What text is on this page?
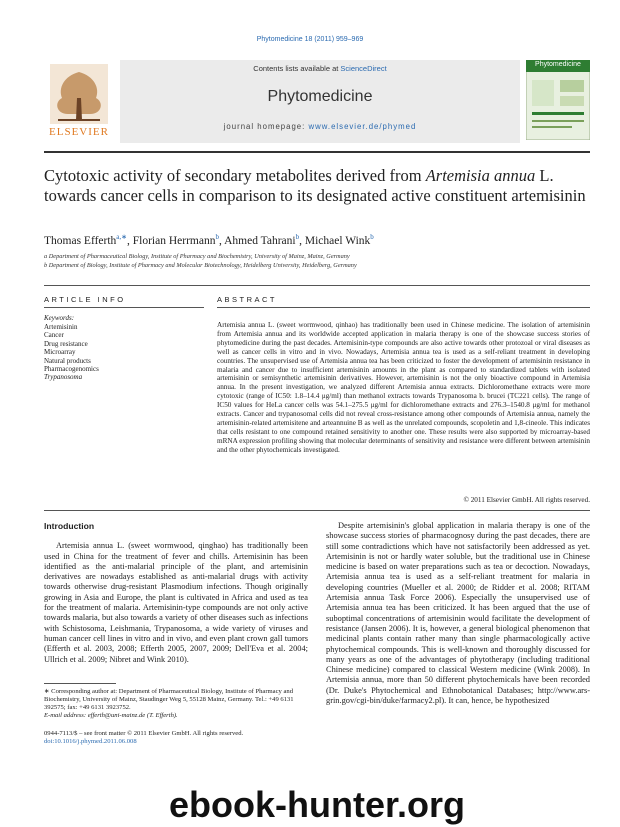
Phytomedicine 18 (2011) 959–969
Contents lists available at ScienceDirect
Phytomedicine
journal homepage: www.elsevier.de/phymed
ELSEVIER
Phytomedicine
Cytotoxic activity of secondary metabolites derived from Artemisia annua L. towards cancer cells in comparison to its designated active constituent artemisinin
Thomas Efferth$^{a,∗}$, Florian Herrmann$^b$, Ahmed Tahrani$^b$, Michael Wink$^b$
a Department of Pharmaceutical Biology, Institute of Pharmacy and Biochemistry, University of Mainz, Mainz, Germany
b Department of Biology, Institute of Pharmacy and Molecular Biotechnology, Heidelberg University, Heidelberg, Germany
ARTICLE INFO	ABSTRACT
Keywords:
Artemisinin
Cancer
Drug resistance
Microarray
Natural products
Pharmacogenomics
Trypanosoma
Artemisia annua L. (sweet wormwood, qinhao) has traditionally been used in Chinese medicine. The isolation of artemisinin from Artemisia annua and its worldwide accepted application in malaria therapy is one of the showcase success stories of phytomedicine during the past decades. Artemisinin-type compounds are also active towards other protozoal or viral diseases as well as cancer cells in vitro and in vivo. Nowadays, Artemisia annua tea is used as a self-reliant treatment in developing countries. The unsupervised use of Artemisia annua tea has been criticized to foster the development of artemisinin resistance in malaria and cancer due to insufficient artemisinin amounts in the plant as compared to standardized tablets with isolated artemisinin or semisynthetic artemisinin derivatives. However, artemisinin is not the only bioactive compound in Artemisia annua. In the present investigation, we analyzed different Artemisia annua extracts. Dichloromethane extracts were more cytotoxic (range of IC50: 1.8–14.4 μg/ml) than methanol extracts towards Trypanosoma b. brucei (TC221 cells). The range of IC50 values for HeLa cancer cells was 54.1–275.5 μg/ml for dichloromethane extracts and 276.3–1540.8 μg/ml for methanol extracts. Cancer and trypanosomal cells did not reveal cross-resistance among other compounds of Artemisia annua, namely the artemisinin-related artemisitene and arteannuine B as well as the unrelated compounds, scopoletin and 1,8-cineole. This indicates that cells resistant to one compound retained sensitivity to another one. These results were also supported by microarray-based mRNA expression profiling showing that molecular determinants of sensitivity and resistance were different between artemisinin and the other phytochemicals investigated.
© 2011 Elsevier GmbH. All rights reserved.
Introduction

Artemisia annua L. (sweet wormwood, qinghao) has traditionally been used in China for the treatment of fever and chills. Artemisinin has been identified as the anti-malarial principle of the plant, and artemisinin derivatives are nowadays established as anti-malarial drugs with activity towards otherwise drug-resistant Plasmodium infections. Though originally growing in Asia and Europe, the plant is cultivated in Africa and used as tea for the treatment of malaria. Artemisinin-type compounds are not only active towards malaria, but also towards a variety of other diseases such as infections with Schistosoma, Leishmania, Trypanosoma, a wide variety of viruses and human cancer cell lines in vitro and in vivo, and even plant crown gall tumors (Efferth et al. 2003, 2008; Efferth 2005, 2007, 2009; Dell'Eva et al. 2004; Ullrich et al. 2009; Nibret and Wink 2010).

Despite artemisinin's global application in malaria therapy is one of the showcase success stories of pharmacognosy during the past decades, there are still some contradictions which have not satisfactorily been addressed as yet. Artemisinin is not or hardly water soluble, but the traditional use in Chinese medicine is based on water preparations such as tea or decoction. Nowadays, Artemisia annua tea is used as a self-reliant treatment for malaria in developing countries (Mueller et al. 2000; de Ridder et al. 2008; RITAM Artemisia annua Task Force 2006). Especially the unsupervised use of Artemisia annua tea has been criticized. It has been argued that the use of suboptimal concentrations of artemisinin would facilitate the development of resistance (Jansen 2006). It is, however, a general biological phenomenon that medicinal plants contain rather many than single pharmacologically active phytochemical compounds. This is well-known and thoroughly discussed for many years as one of the advantages of phytotherapy (including traditional Chinese medicine) compared to classical Western medicine (Wink 2008). In Artemisia annua, more than 50 different phytochemicals have been recorded (Dr. Duke's Phytochemical and Ethnobotanical Databases; http://www.ars-grin.gov/cgi-bin/duke/farmacy2.pl). It can, hence, be hypothesized

∗ Corresponding author at: Department of Pharmaceutical Biology, Institute of Pharmacy and Biochemistry, University of Mainz, Staudinger Weg 5, 55128 Mainz, Germany. Tel.: +49 6131 392575; fax: +49 6131 3923752.

E-mail address: efferth@uni-mainz.de (T. Efferth).

0944-7113/$ – see front matter © 2011 Elsevier GmbH. All rights reserved.

doi:10.1016/j.phymed.2011.06.008

ebook-hunter.org
